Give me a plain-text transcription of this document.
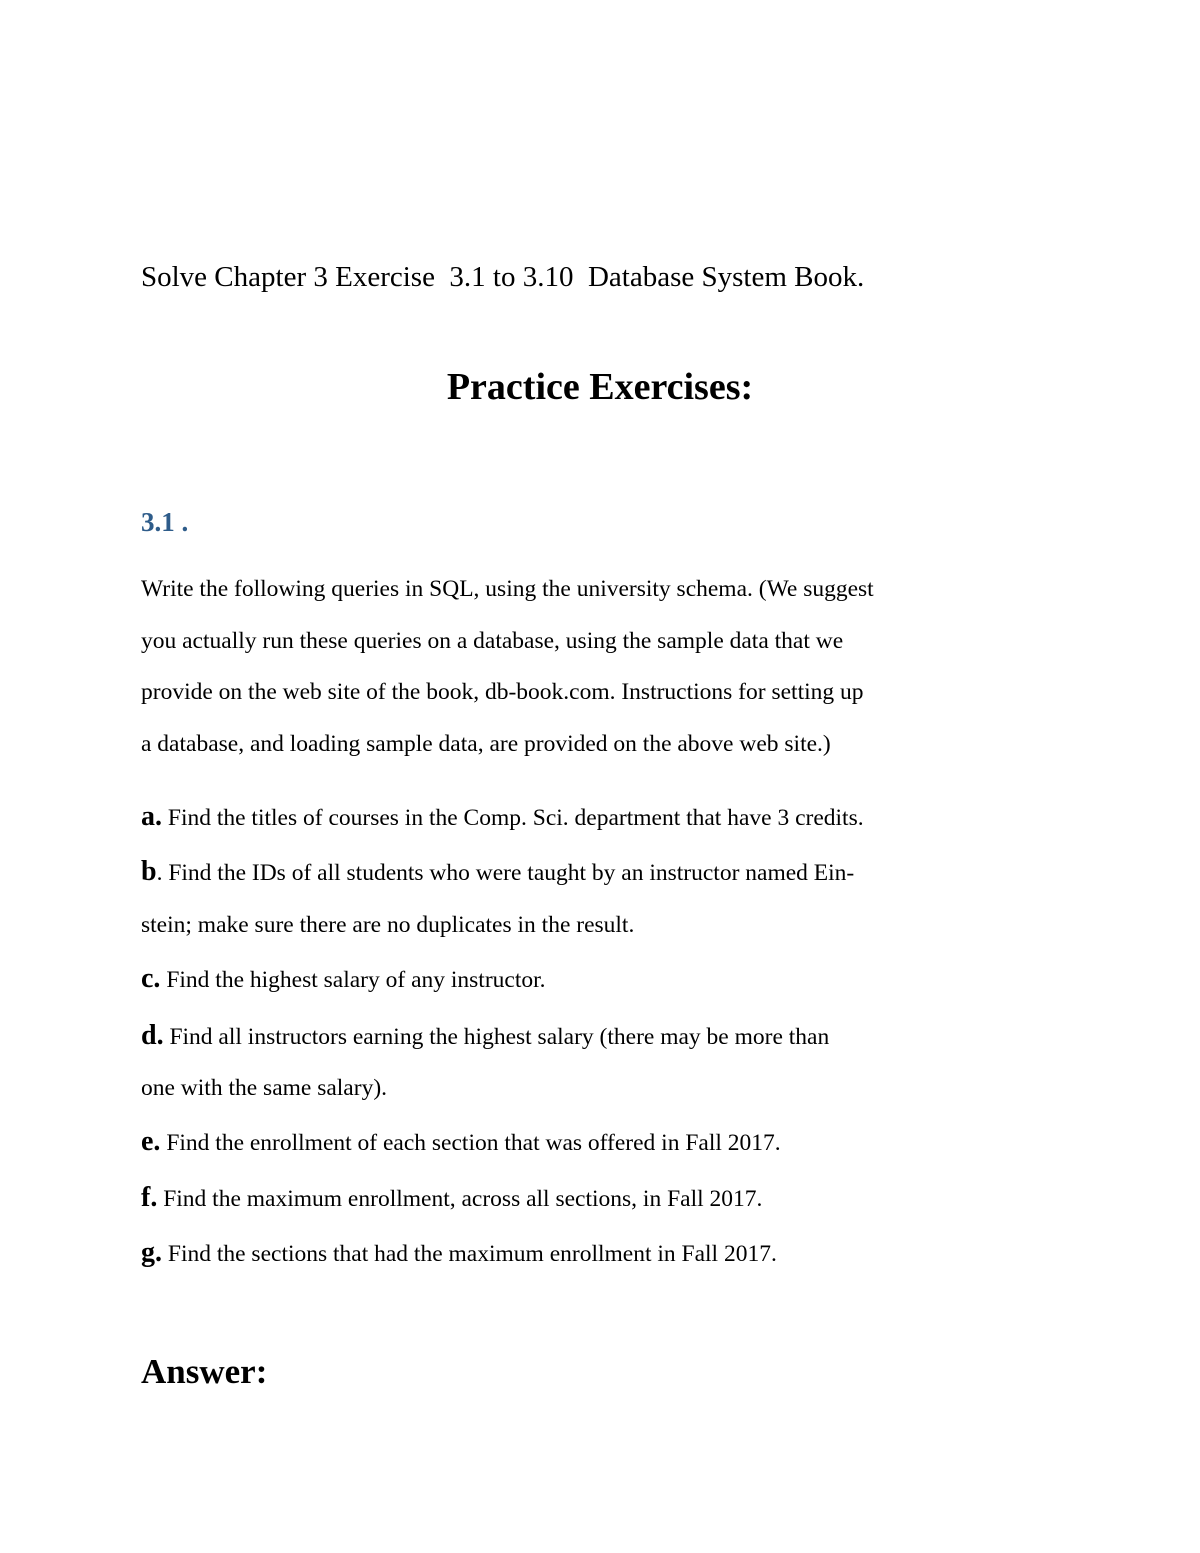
Solve Chapter 3 Exercise  3.1 to 3.10  Database System Book.
Practice Exercises:
3.1 .
Write the following queries in SQL, using the university schema. (We suggest
you actually run these queries on a database, using the sample data that we
provide on the web site of the book, db-book.com. Instructions for setting up
a database, and loading sample data, are provided on the above web site.)
a. Find the titles of courses in the Comp. Sci. department that have 3 credits.
b. Find the IDs of all students who were taught by an instructor named Ein-
stein; make sure there are no duplicates in the result.
c. Find the highest salary of any instructor.
d. Find all instructors earning the highest salary (there may be more than
one with the same salary).
e. Find the enrollment of each section that was offered in Fall 2017.
f. Find the maximum enrollment, across all sections, in Fall 2017.
g. Find the sections that had the maximum enrollment in Fall 2017.
Answer:
